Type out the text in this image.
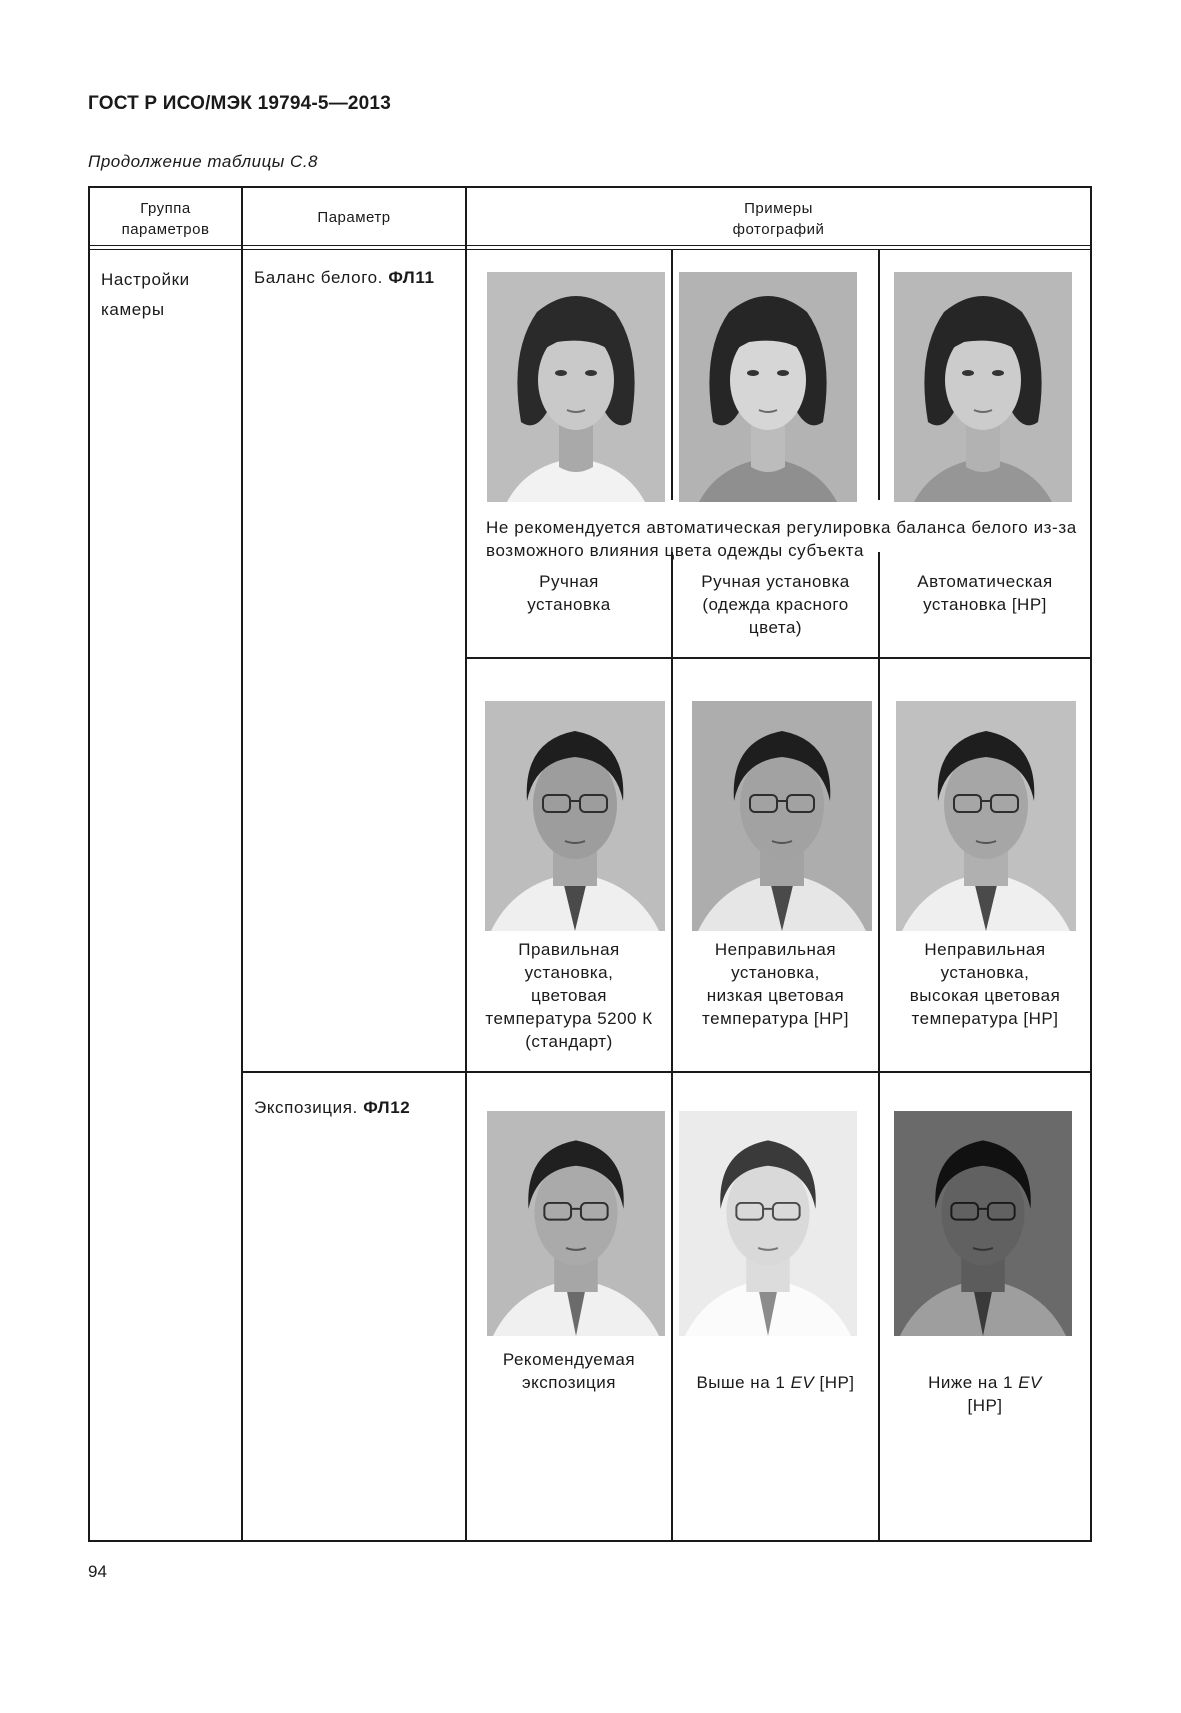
ГОСТ Р ИСО/МЭК 19794-5—2013
Продолжение таблицы С.8
Группа
параметров
Параметр
Примеры
фотографий
Настройки
камеры
Баланс белого. ФЛ11
Экспозиция. ФЛ12
Не рекомендуется автоматическая регулировка баланса белого из-за возможного влияния цвета одежды субъекта
Ручная
установка
Ручная установка
(одежда красного
цвета)
Автоматическая
установка [НР]
Правильная
установка,
цветовая
температура 5200 К
(стандарт)
Неправильная
установка,
низкая цветовая
температура [НР]
Неправильная
установка,
высокая цветовая
температура [НР]
Рекомендуемая
экспозиция	Выше на 1 EV [НР]	Ниже на 1 EV
[НР]

94
